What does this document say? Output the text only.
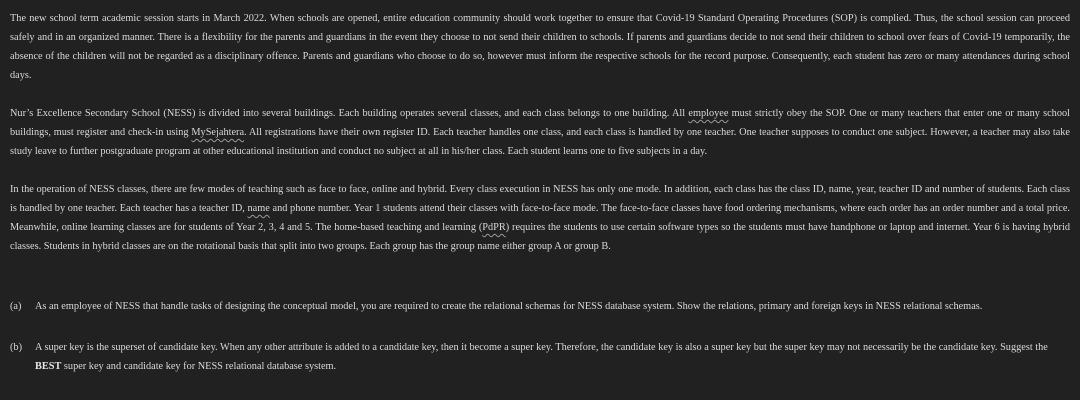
The new school term academic session starts in March 2022. When schools are opened, entire education community should work together to ensure that Covid-19 Standard Operating Procedures (SOP) is complied. Thus, the school session can proceed safely and in an organized manner. There is a flexibility for the parents and guardians in the event they choose to not send their children to schools. If parents and guardians decide to not send their children to school over fears of Covid-19 temporarily, the absence of the children will not be regarded as a disciplinary offence. Parents and guardians who choose to do so, however must inform the respective schools for the record purpose. Consequently, each student has zero or many attendances during school days.

Nur’s Excellence Secondary School (NESS) is divided into several buildings. Each building operates several classes, and each class belongs to one building. All employee must strictly obey the SOP. One or many teachers that enter one or many school buildings, must register and check-in using MySejahtera. All registrations have their own register ID. Each teacher handles one class, and each class is handled by one teacher. One teacher supposes to conduct one subject. However, a teacher may also take study leave to further postgraduate program at other educational institution and conduct no subject at all in his/her class. Each student learns one to five subjects in a day.

In the operation of NESS classes, there are few modes of teaching such as face to face, online and hybrid. Every class execution in NESS has only one mode. In addition, each class has the class ID, name, year, teacher ID and number of students. Each class is handled by one teacher. Each teacher has a teacher ID, name and phone number. Year 1 students attend their classes with face-to-face mode. The face-to-face classes have food ordering mechanisms, where each order has an order number and a total price. Meanwhile, online learning classes are for students of Year 2, 3, 4 and 5. The home-based teaching and learning (PdPR) requires the students to use certain software types so the students must have handphone or laptop and internet. Year 6 is having hybrid classes. Students in hybrid classes are on the rotational basis that split into two groups. Each group has the group name either group A or group B.

(a)	As an employee of NESS that handle tasks of designing the conceptual model, you are required to create the relational schemas for NESS database system. Show the relations, primary and foreign keys in NESS relational schemas.
(b)	A super key is the superset of candidate key. When any other attribute is added to a candidate key, then it become a super key. Therefore, the candidate key is also a super key but the super key may not necessarily be the candidate key. Suggest the BEST super key and candidate key for NESS relational database system.
